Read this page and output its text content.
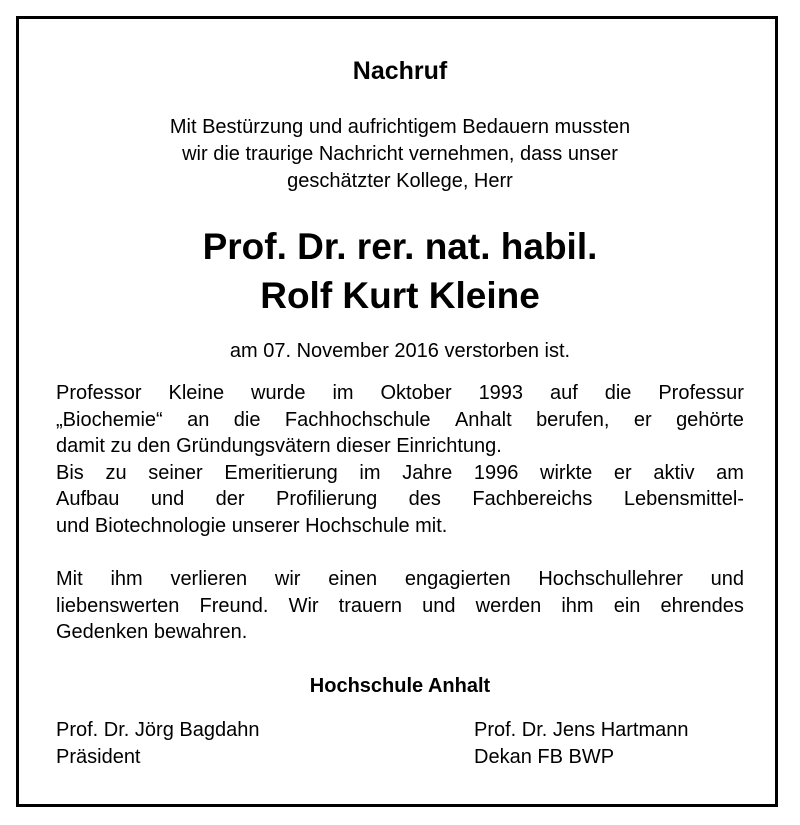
Nachruf
Mit Bestürzung und aufrichtigem Bedauern mussten
wir die traurige Nachricht vernehmen, dass unser
geschätzter Kollege, Herr
Prof. Dr. rer. nat. habil.
Rolf Kurt Kleine
am 07. November 2016 verstorben ist.
Professor Kleine wurde im Oktober 1993 auf die Professur
„Biochemie“ an die Fachhochschule Anhalt berufen, er gehörte
damit zu den Gründungsvätern dieser Einrichtung.
Bis zu seiner Emeritierung im Jahre 1996 wirkte er aktiv am
Aufbau und der Profilierung des Fachbereichs Lebensmittel-
und Biotechnologie unserer Hochschule mit.
Mit ihm verlieren wir einen engagierten Hochschullehrer und
liebenswerten Freund. Wir trauern und werden ihm ein ehrendes
Gedenken bewahren.
Hochschule Anhalt
Prof. Dr. Jörg Bagdahn
Präsident
Prof. Dr. Jens Hartmann
Dekan FB BWP
